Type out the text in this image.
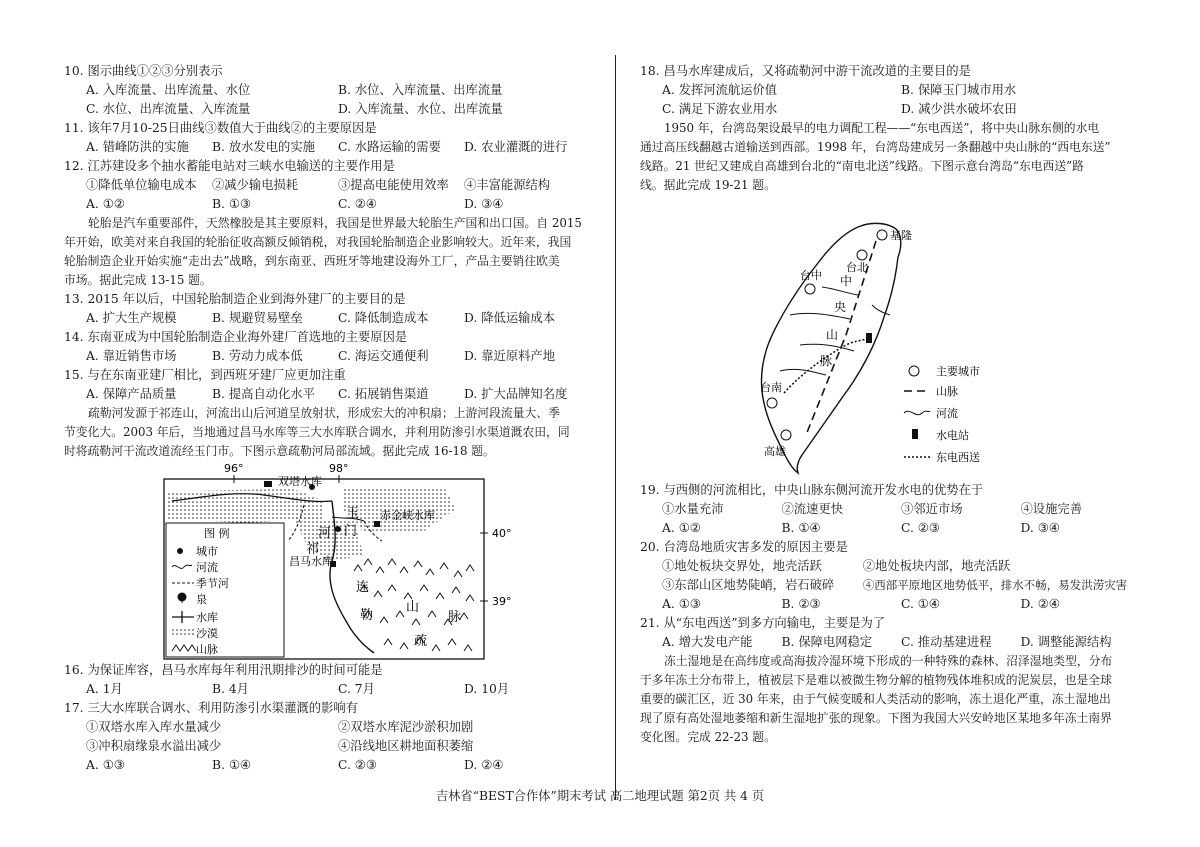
10. 图示曲线①②③分别表示
A. 入库流量、出库流量、水位	B. 水位、入库流量、出库流量
C. 水位、出库流量、入库流量	D. 入库流量、水位、出库流量
11. 该年7月10-25日曲线③数值大于曲线②的主要原因是
A. 错峰防洪的实施	B. 放水发电的实施	C. 水路运输的需要	D. 农业灌溉的进行
12. 江苏建设多个抽水蓄能电站对三峡水电输送的主要作用是
①降低单位输电成本	②减少输电损耗	③提高电能使用效率	④丰富能源结构
A. ①②	B. ①③	C. ②④	D. ③④
轮胎是汽车重要部件，天然橡胶是其主要原料，我国是世界最大轮胎生产国和出口国。自 2015
年开始，欧美对来自我国的轮胎征收高额反倾销税，对我国轮胎制造企业影响较大。近年来，我国
轮胎制造企业开始实施“走出去”战略，到东南亚、西班牙等地建设海外工厂，产品主要销往欧美
市场。据此完成 13-15 题。
13. 2015 年以后，中国轮胎制造企业到海外建厂的主要目的是
A. 扩大生产规模	B. 规避贸易壁垒	C. 降低制造成本	D. 降低运输成本
14. 东南亚成为中国轮胎制造企业海外建厂首选地的主要原因是
A. 靠近销售市场	B. 劳动力成本低	C. 海运交通便利	D. 靠近原料产地
15. 与在东南亚建厂相比，到西班牙建厂应更加注重
A. 保障产品质量	B. 提高自动化水平	C. 拓展销售渠道	D. 扩大品牌知名度
疏勒河发源于祁连山，河流出山后河道呈放射状，形成宏大的冲积扇；上游河段流量大、季
节变化大。2003 年后，当地通过昌马水库等三大水库联合调水，并利用防渗引水渠道溉农田，同
时将疏勒河干流改道流经玉门市。下图示意疏勒河局部流域。据此完成 16-18 题。
96°	98°
40°
39°
双塔水库
赤金峡水库
昌马水库
玉
门
河
祁
连
山
勒	脉
疏
图 例
城市
河流
季节河
泉
水库
沙漠
山脉
16. 为保证库容，昌马水库每年利用汛期排沙的时间可能是
A. 1月	B. 4月	C. 7月	D. 10月
17. 三大水库联合调水、利用防渗引水渠灌溉的影响有
①双塔水库入库水量减少	②双塔水库泥沙淤积加剧
③冲积扇缘泉水溢出减少	④沿线地区耕地面积萎缩
A. ①③	B. ①④	C. ②③	D. ②④
18. 昌马水库建成后，又将疏勒河中游干流改道的主要目的是
A. 发挥河流航运价值	B. 保障玉门城市用水
C. 满足下游农业用水	D. 减少洪水破坏农田
1950 年，台湾岛架设最早的电力调配工程——“东电西送”，将中央山脉东侧的水电
通过高压线翻越古道输送到西部。1998 年，台湾岛建成另一条翻越中央山脉的“西电东送”
线路。21 世纪又建成自高雄到台北的“南电北送”线路。下图示意台湾岛“东电西送”路
线。据此完成 19-21 题。
基隆
台北
台中
台南
高雄
中
央
山
脉
主要城市
山脉
河流
水电站
东电西送
19. 与西侧的河流相比，中央山脉东侧河流开发水电的优势在于
①水量充沛	②流速更快	③邻近市场	④设施完善
A. ①②	B. ①④	C. ②③	D. ③④
20. 台湾岛地质灾害多发的原因主要是
①地处板块交界处，地壳活跃	②地处板块内部，地壳活跃
③东部山区地势陡峭，岩石破碎	④西部平原地区地势低平，排水不畅，易发洪涝灾害
A. ①③	B. ②③	C. ①④	D. ②④
21. 从“东电西送”到多方向输电，主要是为了
A. 增大发电产能	B. 保障电网稳定	C. 推动基建进程	D. 调整能源结构
冻土湿地是在高纬度或高海拔冷湿环境下形成的一种特殊的森林、沼泽湿地类型，分布
于多年冻土分布带上，植被层下是难以被微生物分解的植物残体堆积成的泥炭层，也是全球
重要的碳汇区，近 30 年来，由于气候变暖和人类活动的影响，冻土退化严重，冻土湿地出
现了原有高处湿地萎缩和新生湿地扩张的现象。下图为我国大兴安岭地区某地多年冻土南界
变化图。完成 22-23 题。
吉林省“BEST合作体”期末考试 高二地理试题 第2页 共 4 页
